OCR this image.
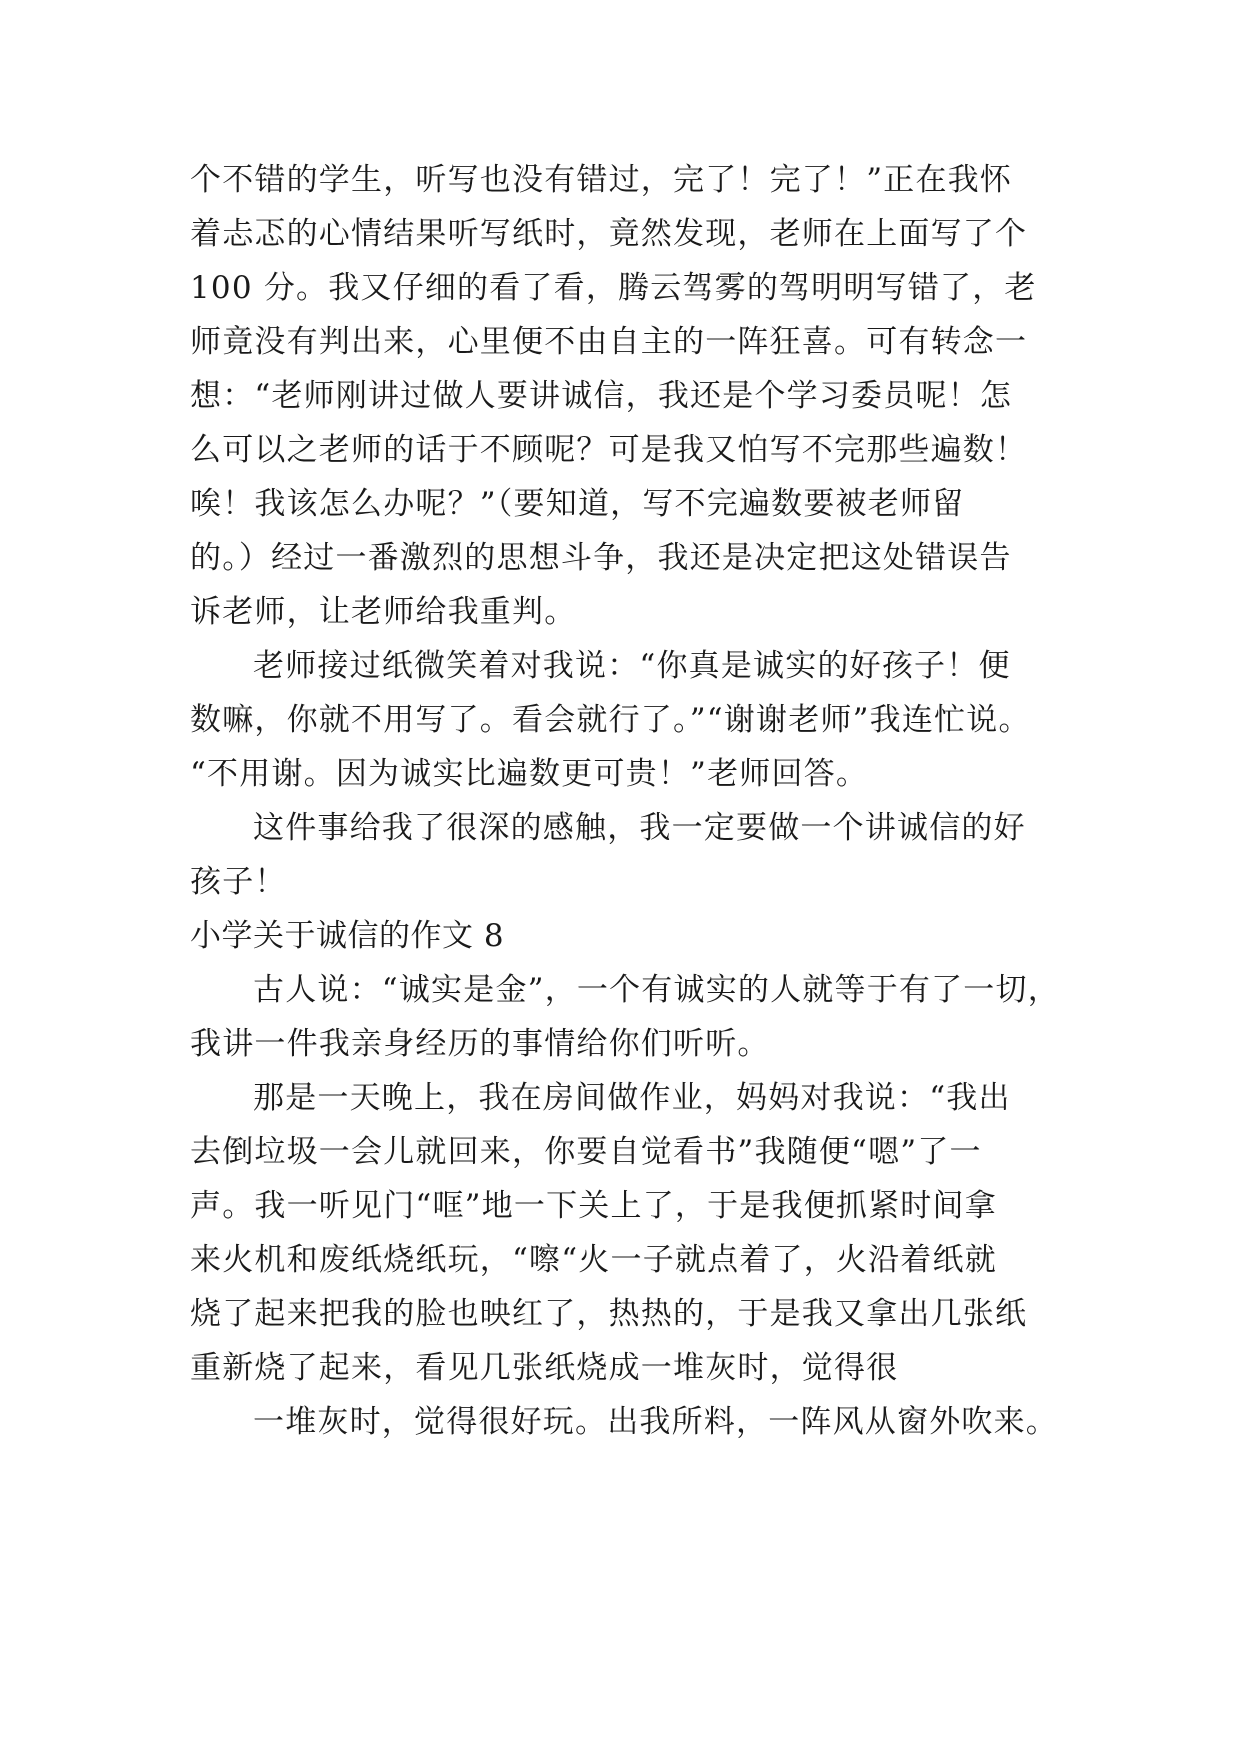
个不错的学生，听写也没有错过，完了！完了！”正在我怀

着忐忑的心情结果听写纸时，竟然发现，老师在上面写了个

100 分。我又仔细的看了看，腾云驾雾的驾明明写错了，老

师竟没有判出来，心里便不由自主的一阵狂喜。可有转念一

想：“老师刚讲过做人要讲诚信，我还是个学习委员呢！怎

么可以之老师的话于不顾呢？可是我又怕写不完那些遍数！

唉！我该怎么办呢？”（要知道，写不完遍数要被老师留

的。）经过一番激烈的思想斗争，我还是决定把这处错误告

诉老师，让老师给我重判。

老师接过纸微笑着对我说：“你真是诚实的好孩子！便

数嘛，你就不用写了。看会就行了。”“谢谢老师”我连忙说。

“不用谢。因为诚实比遍数更可贵！”老师回答。

这件事给我了很深的感触，我一定要做一个讲诚信的好

孩子！

小学关于诚信的作文 8

古人说：“诚实是金”，一个有诚实的人就等于有了一切，

我讲一件我亲身经历的事情给你们听听。

那是一天晚上，我在房间做作业，妈妈对我说：“我出

去倒垃圾一会儿就回来，你要自觉看书”我随便“嗯”了一

声。我一听见门“哐”地一下关上了，于是我便抓紧时间拿

来火机和废纸烧纸玩，“嚓“火一子就点着了，火沿着纸就

烧了起来把我的脸也映红了，热热的，于是我又拿出几张纸

重新烧了起来，看见几张纸烧成一堆灰时，觉得很

一堆灰时，觉得很好玩。出我所料，一阵风从窗外吹来。
